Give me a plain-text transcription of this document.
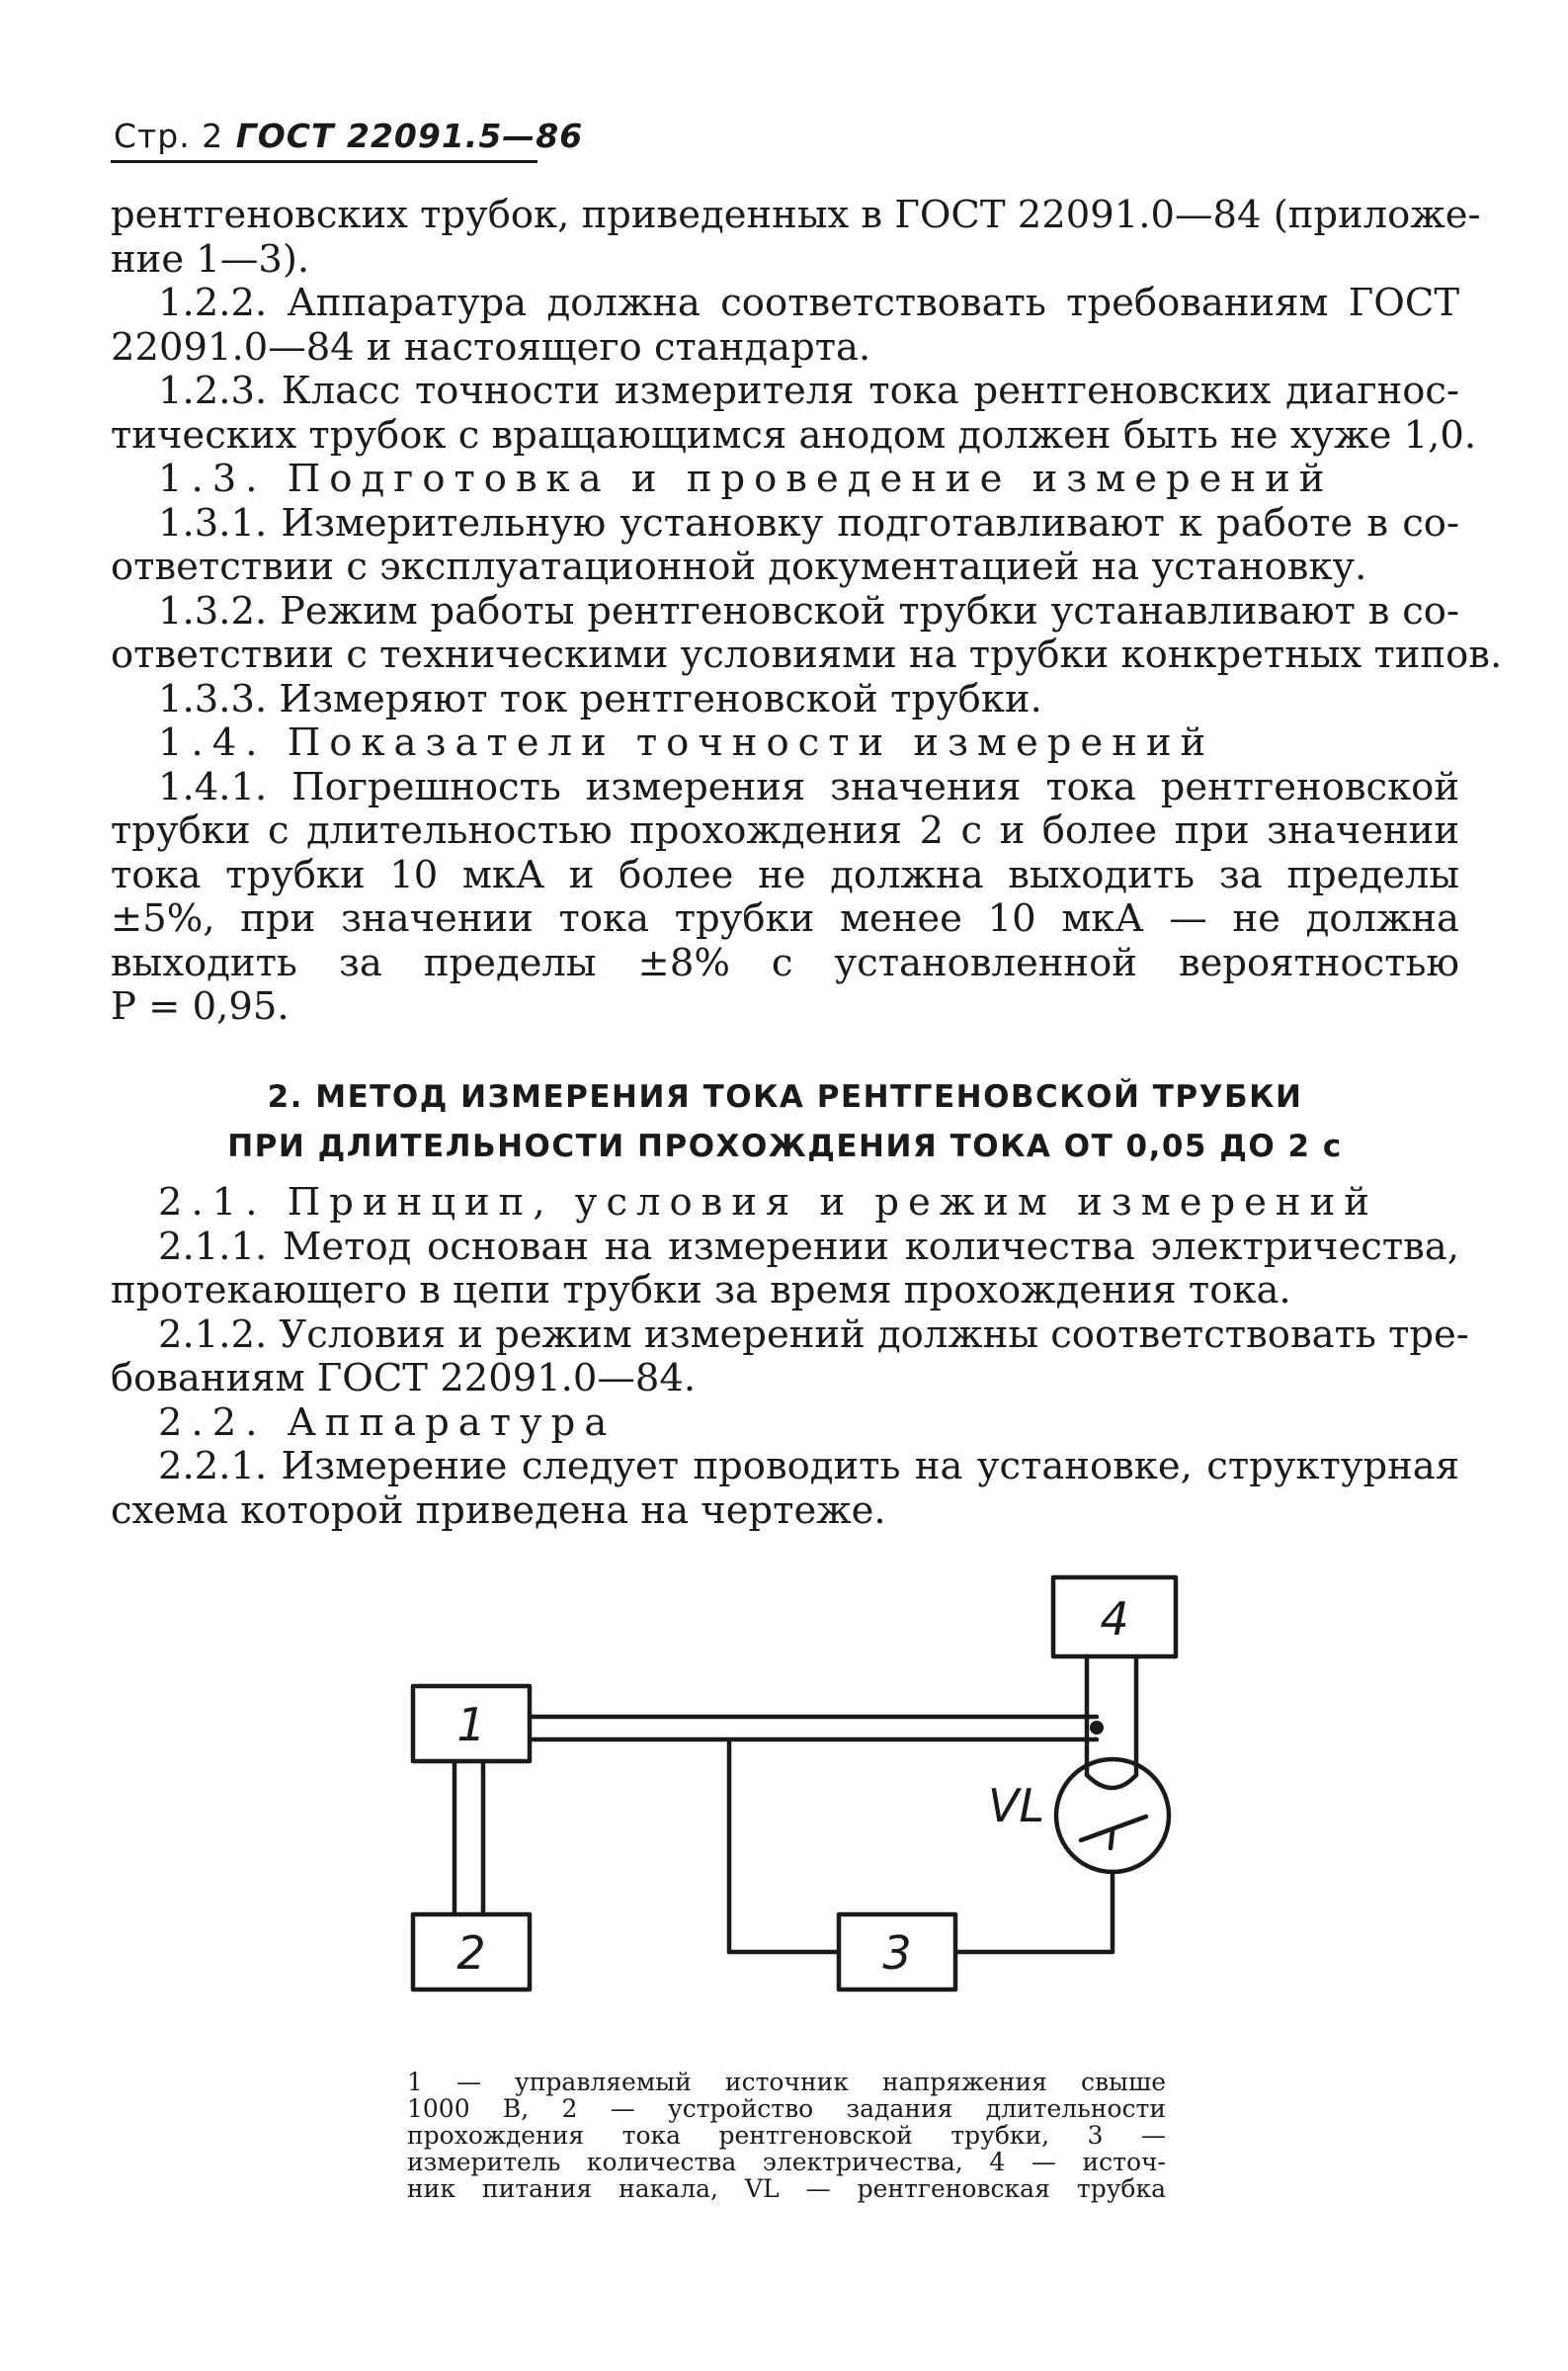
Стр. 2 ГОСТ 22091.5—86
рентгеновских трубок, приведенных в ГОСТ 22091.0—84 (приложе-
ние 1—3).
1.2.2. Аппаратура должна соответствовать требованиям ГОСТ
22091.0—84 и настоящего стандарта.
1.2.3. Класс точности измерителя тока рентгеновских диагнос-
тических трубок с вращающимся анодом должен быть не хуже 1,0.
1.3. Подготовка и проведение измерений
1.3.1. Измерительную установку подготавливают к работе в со-
ответствии с эксплуатационной документацией на установку.
1.3.2. Режим работы рентгеновской трубки устанавливают в со-
ответствии с техническими условиями на трубки конкретных типов.
1.3.3. Измеряют ток рентгеновской трубки.
1.4. Показатели точности измерений
1.4.1. Погрешность измерения значения тока рентгеновской
трубки с длительностью прохождения 2 с и более при значении
тока трубки 10 мкА и более не должна выходить за пределы
±5%, при значении тока трубки менее 10 мкА — не должна
выходить за пределы ±8% с установленной вероятностью
P = 0,95.
2. МЕТОД ИЗМЕРЕНИЯ ТОКА РЕНТГЕНОВСКОЙ ТРУБКИ
ПРИ ДЛИТЕЛЬНОСТИ ПРОХОЖДЕНИЯ ТОКА ОТ 0,05 ДО 2 с
2.1. Принцип, условия и режим измерений
2.1.1. Метод основан на измерении количества электричества,
протекающего в цепи трубки за время прохождения тока.
2.1.2. Условия и режим измерений должны соответствовать тре-
бованиям ГОСТ 22091.0—84.
2.2. Аппаратура
2.2.1. Измерение следует проводить на установке, структурная
схема которой приведена на чертеже.
1
2	3
4
VL
1 — управляемый источник напряжения свыше
1000 В, 2 — устройство задания длительности
прохождения тока рентгеновской трубки, 3 —
измеритель количества электричества, 4 — источ-
ник питания накала, VL — рентгеновская трубка
